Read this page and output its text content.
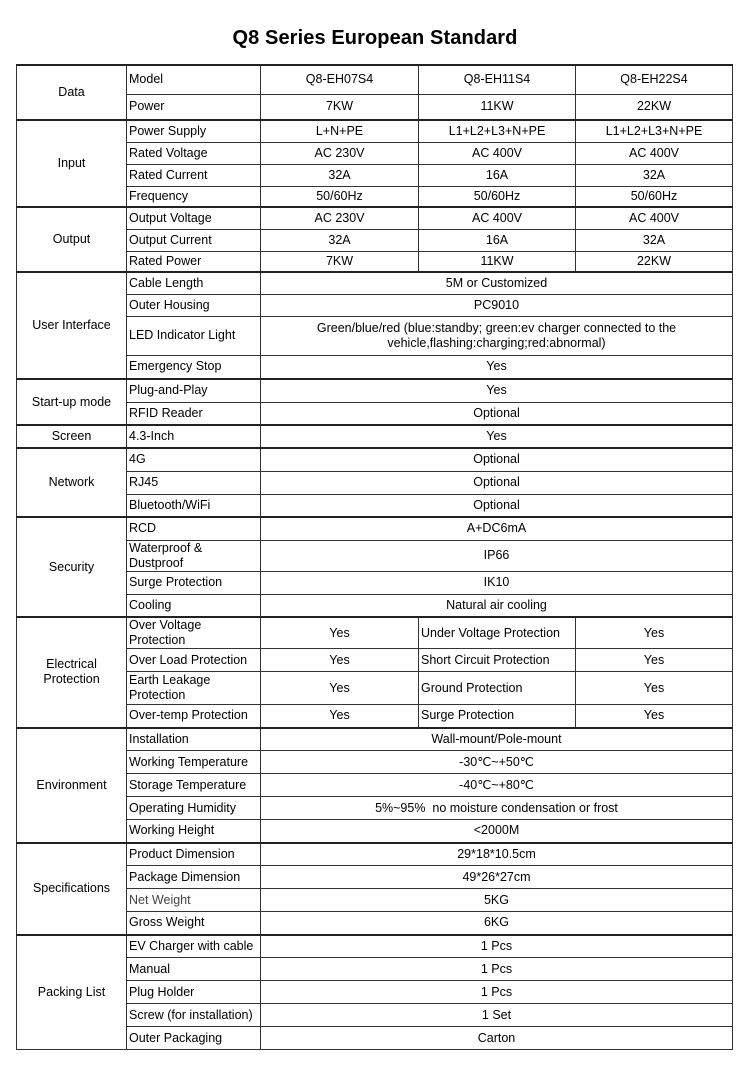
Q8 Series European Standard
Data	Model	Q8-EH07S4	Q8-EH11S4	Q8-EH22S4
	Power	7KW	11KW	22KW
Input	Power Supply	L+N+PE	L1+L2+L3+N+PE	L1+L2+L3+N+PE
	Rated Voltage	AC 230V	AC 400V	AC 400V
	Rated Current	32A	16A	32A
	Frequency	50/60Hz	50/60Hz	50/60Hz
Output	Output Voltage	AC 230V	AC 400V	AC 400V
	Output Current	32A	16A	32A
	Rated Power	7KW	11KW	22KW
User Interface	Cable Length	5M or Customized		
	Outer Housing	PC9010		
	LED Indicator Light	Green/blue/red (blue:standby; green:ev charger connected to the vehicle,flashing:charging;red:abnormal)		
	Emergency Stop	Yes		
Start-up mode	Plug-and-Play	Yes		
	RFID Reader	Optional		
Screen	4.3-Inch	Yes		
Network	4G	Optional		
	RJ45	Optional		
	Bluetooth/WiFi	Optional		
Security	RCD	A+DC6mA		
	Waterproof & Dustproof	IP66		
	Surge Protection	IK10		
	Cooling	Natural air cooling		
Electrical Protection	Over Voltage Protection	Yes	Under Voltage Protection	Yes
	Over Load Protection	Yes	Short Circuit Protection	Yes
	Earth Leakage Protection	Yes	Ground Protection	Yes
	Over-temp Protection	Yes	Surge Protection	Yes
Environment	Installation	Wall-mount/Pole-mount		
	Working Temperature	-30℃~+50℃		
	Storage Temperature	-40℃~+80℃		
	Operating Humidity	5%~95%  no moisture condensation or frost		
	Working Height	<2000M		
Specifications	Product Dimension	29*18*10.5cm		
	Package Dimension	49*26*27cm		
	Net Weight	5KG		
	Gross Weight	6KG		
Packing List	EV Charger with cable	1 Pcs		
	Manual	1 Pcs		
	Plug Holder	1 Pcs		
	Screw (for installation)	1 Set		
	Outer Packaging	Carton		
